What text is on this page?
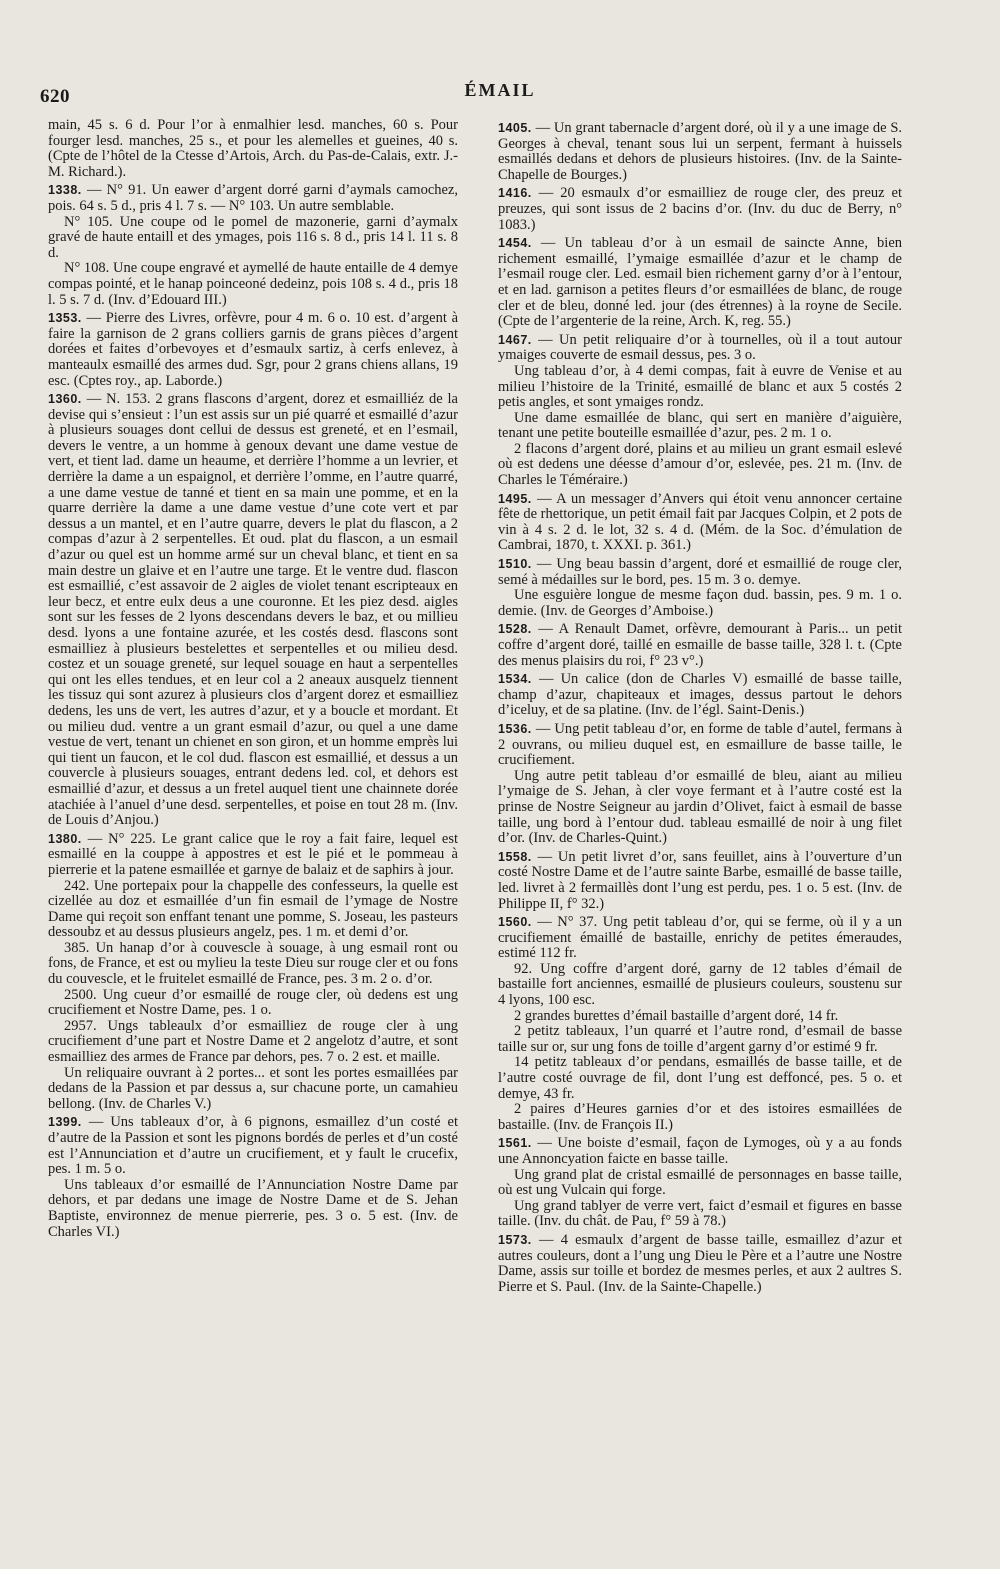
620	ÉMAIL

main, 45 s. 6 d. Pour l’or à enmalhier lesd. manches, 60 s. Pour fourger lesd. manches, 25 s., et pour les alemelles et gueines, 40 s. (Cpte de l’hôtel de la Ctesse d’Artois, Arch. du Pas-de-Calais, extr. J.-M. Richard.).

1338. — N° 91. Un eawer d’argent dorré garni d’aymals camochez, pois. 64 s. 5 d., pris 4 l. 7 s. — N° 103. Un autre semblable.

N° 105. Une coupe od le pomel de mazonerie, garni d’aymalx gravé de haute entaill et des ymages, pois 116 s. 8 d., pris 14 l. 11 s. 8 d.

N° 108. Une coupe engravé et aymellé de haute entaille de 4 demye compas pointé, et le hanap poinceoné dedeinz, pois 108 s. 4 d., pris 18 l. 5 s. 7 d. (Inv. d’Edouard III.)

1353. — Pierre des Livres, orfèvre, pour 4 m. 6 o. 10 est. d’argent à faire la garnison de 2 grans colliers garnis de grans pièces d’argent dorées et faites d’orbevoyes et d’esmaulx sartiz, à cerfs enlevez, à manteaulx esmaillé des armes dud. Sgr, pour 2 grans chiens allans, 19 esc. (Cptes roy., ap. Laborde.)

1360. — N. 153. 2 grans flascons d’argent, dorez et esmailliéz de la devise qui s’ensieut : l’un est assis sur un pié quarré et esmaillé d’azur à plusieurs souages dont cellui de dessus est greneté, et en l’esmail, devers le ventre, a un homme à genoux devant une dame vestue de vert, et tient lad. dame un heaume, et derrière l’homme a un levrier, et derrière la dame a un espaignol, et derrière l’omme, en l’autre quarré, a une dame vestue de tanné et tient en sa main une pomme, et en la quarre derrière la dame a une dame vestue d’une cote vert et par dessus a un mantel, et en l’autre quarre, devers le plat du flascon, a 2 compas d’azur à 2 serpentelles. Et oud. plat du flascon, a un esmail d’azur ou quel est un homme armé sur un cheval blanc, et tient en sa main destre un glaive et en l’autre une targe. Et le ventre dud. flascon est esmaillié, c’est assavoir de 2 aigles de violet tenant escripteaux en leur becz, et entre eulx deus a une couronne. Et les piez desd. aigles sont sur les fesses de 2 lyons descendans devers le baz, et ou millieu desd. lyons a une fontaine azurée, et les costés desd. flascons sont esmailliez à plusieurs bestelettes et serpentelles et ou milieu desd. costez et un souage greneté, sur lequel souage en haut a serpentelles qui ont les elles tendues, et en leur col a 2 aneaux ausquelz tiennent les tissuz qui sont azurez à plusieurs clos d’argent dorez et esmailliez dedens, les uns de vert, les autres d’azur, et y a boucle et mordant. Et ou milieu dud. ventre a un grant esmail d’azur, ou quel a une dame vestue de vert, tenant un chienet en son giron, et un homme emprès lui qui tient un faucon, et le col dud. flascon est esmaillié, et dessus a un couvercle à plusieurs souages, entrant dedens led. col, et dehors est esmaillié d’azur, et dessus a un fretel auquel tient une chainnete dorée atachiée à l’anuel d’une desd. serpentelles, et poise en tout 28 m. (Inv. de Louis d’Anjou.)

1380. — N° 225. Le grant calice que le roy a fait faire, lequel est esmaillé en la couppe à appostres et est le pié et le pommeau à pierrerie et la patene esmaillée et garnye de balaiz et de saphirs à jour.

242. Une portepaix pour la chappelle des confesseurs, la quelle est cizellée au doz et esmaillée d’un fin esmail de l’ymage de Nostre Dame qui reçoit son enffant tenant une pomme, S. Joseau, les pasteurs dessoubz et au dessus plusieurs angelz, pes. 1 m. et demi d’or.

385. Un hanap d’or à couvescle à souage, à ung esmail ront ou fons, de France, et est ou mylieu la teste Dieu sur rouge cler et ou fons du couvescle, et le fruitelet esmaillé de France, pes. 3 m. 2 o. d’or.

2500. Ung cueur d’or esmaillé de rouge cler, où dedens est ung crucifiement et Nostre Dame, pes. 1 o.

2957. Ungs tableaulx d’or esmailliez de rouge cler à ung crucifiement d’une part et Nostre Dame et 2 angelotz d’autre, et sont esmailliez des armes de France par dehors, pes. 7 o. 2 est. et maille.

Un reliquaire ouvrant à 2 portes... et sont les portes esmaillées par dedans de la Passion et par dessus a, sur chacune porte, un camahieu bellong. (Inv. de Charles V.)

1399. — Uns tableaux d’or, à 6 pignons, esmaillez d’un costé et d’autre de la Passion et sont les pignons bordés de perles et d’un costé est l’Annunciation et d’autre un crucifiement, et y fault le crucefix, pes. 1 m. 5 o.

Uns tableaux d’or esmaillé de l’Annunciation Nostre Dame par dehors, et par dedans une image de Nostre Dame et de S. Jehan Baptiste, environnez de menue pierrerie, pes. 3 o. 5 est. (Inv. de Charles VI.)

1405. — Un grant tabernacle d’argent doré, où il y a une image de S. Georges à cheval, tenant sous lui un serpent, fermant à huissels esmaillés dedans et dehors de plusieurs histoires. (Inv. de la Sainte-Chapelle de Bourges.)

1416. — 20 esmaulx d’or esmailliez de rouge cler, des preuz et preuzes, qui sont issus de 2 bacins d’or. (Inv. du duc de Berry, n° 1083.)

1454. — Un tableau d’or à un esmail de saincte Anne, bien richement esmaillé, l’ymaige esmaillée d’azur et le champ de l’esmail rouge cler. Led. esmail bien richement garny d’or à l’entour, et en lad. garnison a petites fleurs d’or esmaillées de blanc, de rouge cler et de bleu, donné led. jour (des étrennes) à la royne de Secile. (Cpte de l’argenterie de la reine, Arch. K, reg. 55.)

1467. — Un petit reliquaire d’or à tournelles, où il a tout autour ymaiges couverte de esmail dessus, pes. 3 o.

Ung tableau d’or, à 4 demi compas, fait à euvre de Venise et au milieu l’histoire de la Trinité, esmaillé de blanc et aux 5 costés 2 petis angles, et sont ymaiges rondz.

Une dame esmaillée de blanc, qui sert en manière d’aiguière, tenant une petite bouteille esmaillée d’azur, pes. 2 m. 1 o.

2 flacons d’argent doré, plains et au milieu un grant esmail eslevé où est dedens une déesse d’amour d’or, eslevée, pes. 21 m. (Inv. de Charles le Téméraire.)

1495. — A un messager d’Anvers qui étoit venu annoncer certaine fête de rhettorique, un petit émail fait par Jacques Colpin, et 2 pots de vin à 4 s. 2 d. le lot, 32 s. 4 d. (Mém. de la Soc. d’émulation de Cambrai, 1870, t. XXXI. p. 361.)

1510. — Ung beau bassin d’argent, doré et esmaillié de rouge cler, semé à médailles sur le bord, pes. 15 m. 3 o. demye.

Une esguière longue de mesme façon dud. bassin, pes. 9 m. 1 o. demie. (Inv. de Georges d’Amboise.)

1528. — A Renault Damet, orfèvre, demourant à Paris... un petit coffre d’argent doré, taillé en esmaille de basse taille, 328 l. t. (Cpte des menus plaisirs du roi, f° 23 v°.)

1534. — Un calice (don de Charles V) esmaillé de basse taille, champ d’azur, chapiteaux et images, dessus partout le dehors d’iceluy, et de sa platine. (Inv. de l’égl. Saint-Denis.)

1536. — Ung petit tableau d’or, en forme de table d’autel, fermans à 2 ouvrans, ou milieu duquel est, en esmaillure de basse taille, le crucifiement.

Ung autre petit tableau d’or esmaillé de bleu, aiant au milieu l’ymaige de S. Jehan, à cler voye fermant et à l’autre costé est la prinse de Nostre Seigneur au jardin d’Olivet, faict à esmail de basse taille, ung bord à l’entour dud. tableau esmaillé de noir à ung filet d’or. (Inv. de Charles-Quint.)

1558. — Un petit livret d’or, sans feuillet, ains à l’ouverture d’un costé Nostre Dame et de l’autre sainte Barbe, esmaillé de basse taille, led. livret à 2 fermaillès dont l’ung est perdu, pes. 1 o. 5 est. (Inv. de Philippe II, f° 32.)

1560. — N° 37. Ung petit tableau d’or, qui se ferme, où il y a un crucifiement émaillé de bastaille, enrichy de petites émeraudes, estimé 112 fr.

92. Ung coffre d’argent doré, garny de 12 tables d’émail de bastaille fort anciennes, esmaillé de plusieurs couleurs, soustenu sur 4 lyons, 100 esc.

2 grandes burettes d’émail bastaille d’argent doré, 14 fr.

2 petitz tableaux, l’un quarré et l’autre rond, d’esmail de basse taille sur or, sur ung fons de toille d’argent garny d’or estimé 9 fr.

14 petitz tableaux d’or pendans, esmaillés de basse taille, et de l’autre costé ouvrage de fil, dont l’ung est deffoncé, pes. 5 o. et demye, 43 fr.

2 paires d’Heures garnies d’or et des istoires esmaillées de bastaille. (Inv. de François II.)

1561. — Une boiste d’esmail, façon de Lymoges, où y a au fonds une Annoncyation faicte en basse taille.

Ung grand plat de cristal esmaillé de personnages en basse taille, où est ung Vulcain qui forge.

Ung grand tablyer de verre vert, faict d’esmail et figures en basse taille. (Inv. du chât. de Pau, f° 59 à 78.)

1573. — 4 esmaulx d’argent de basse taille, esmaillez d’azur et autres couleurs, dont a l’ung ung Dieu le Père et a l’autre une Nostre Dame, assis sur toille et bordez de mesmes perles, et aux 2 aultres S. Pierre et S. Paul. (Inv. de la Sainte-Chapelle.)
